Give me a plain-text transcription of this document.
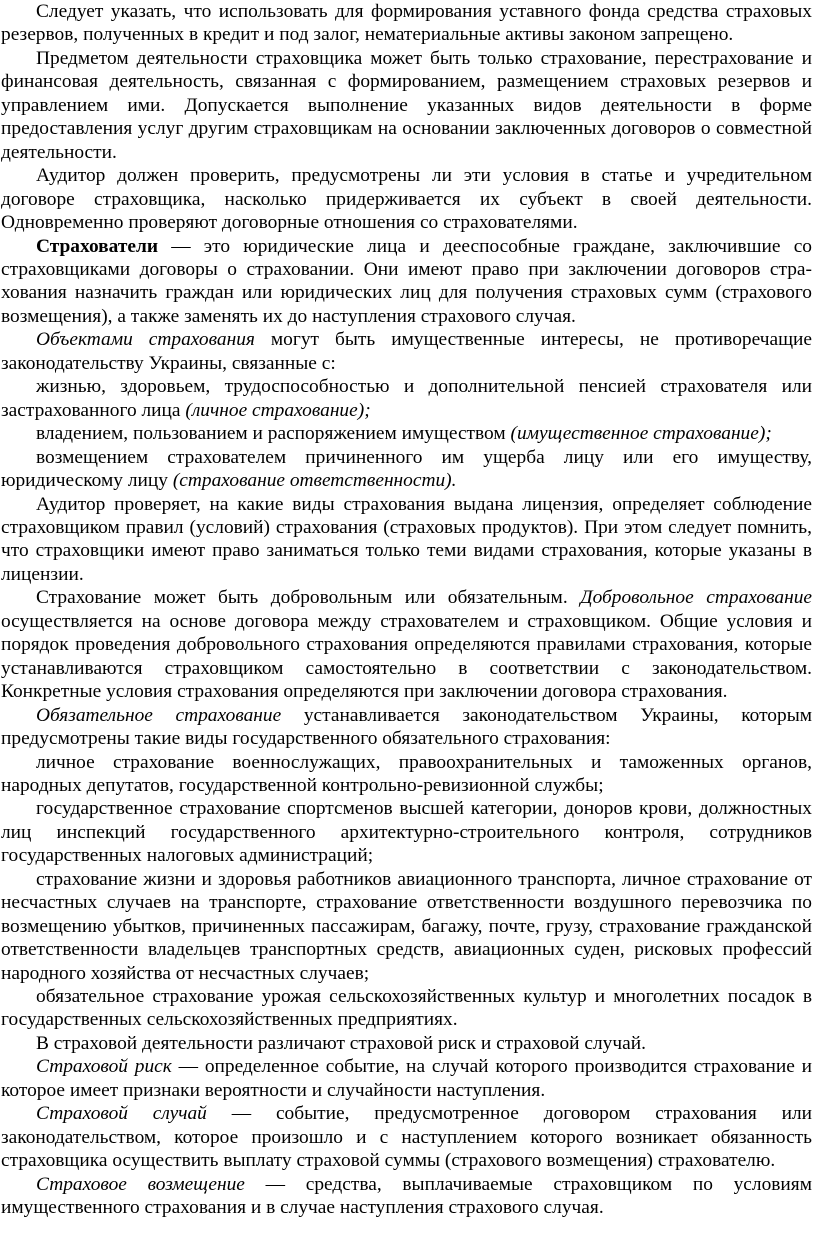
Следует указать, что использовать для формирования уставного фонда средства страховых резервов, полученных в кредит и под залог, нематериальные активы законом запрещено.

Предметом деятельности страховщика может быть только страхование, перестрахование и финансовая деятельность, связанная с формированием, размещением страховых резервов и управлением ими. Допускается выполнение указанных видов деятельности в форме предоставления услуг другим страховщикам на основании заключенных договоров о совместной деятельности.

Аудитор должен проверить, предусмотрены ли эти условия в статье и учредительном договоре страховщика, насколько придерживается их субъект в своей деятельности. Одновременно проверяют договорные отношения со страхователями.

Страхователи — это юридические лица и дееспособные граждане, заключившие со страховщиками договоры о страховании. Они имеют право при заключении договоров страхования назначить граждан или юридических лиц для получения страховых сумм (страхового возмещения), а также заменять их до наступления страхового случая.

Объектами страхования могут быть имущественные интересы, не противоречащие законодательству Украины, связанные с:

жизнью, здоровьем, трудоспособностью и дополнительной пенсией страхователя или застрахованного лица (личное страхование);

владением, пользованием и распоряжением имуществом (имущественное страхование);

возмещением страхователем причиненного им ущерба лицу или его имуществу, юридическому лицу (страхование ответственности).

Аудитор проверяет, на какие виды страхования выдана лицензия, определяет соблюдение страховщиком правил (условий) страхования (страховых продуктов). При этом следует помнить, что страховщики имеют право заниматься только теми видами страхования, которые указаны в лицензии.

Страхование может быть добровольным или обязательным. Добровольное страхование осуществляется на основе договора между страхователем и страховщиком. Общие условия и порядок проведения добровольного страхования определяются правилами страхования, которые устанавливаются страховщиком самостоятельно в соответствии с законодательством. Конкретные условия страхования определяются при заключении договора страхования.

Обязательное страхование устанавливается законодательством Украины, которым предусмотрены такие виды государственного обязательного страхования:

личное страхование военнослужащих, правоохранительных и таможенных органов, народных депутатов, государственной контрольно-ревизионной службы;

государственное страхование спортсменов высшей категории, доноров крови, должностных лиц инспекций государственного архитектурно-строительного контроля, сотрудников государственных налоговых администраций;

страхование жизни и здоровья работников авиационного транспорта, личное страхование от несчастных случаев на транспорте, страхование ответственности воздушного перевозчика по возмещению убытков, причиненных пассажирам, багажу, почте, грузу, страхование гражданской ответственности владельцев транспортных средств, авиационных суден, рисковых профессий народного хозяйства от несчастных случаев;

обязательное страхование урожая сельскохозяйственных культур и многолетних посадок в государственных сельскохозяйственных предприятиях.

В страховой деятельности различают страховой риск и страховой случай.

Страховой риск — определенное событие, на случай которого производится страхование и которое имеет признаки вероятности и случайности наступления.

Страховой случай — событие, предусмотренное договором страхования или законодательством, которое произошло и с наступлением которого возникает обязанность страховщика осуществить выплату страховой суммы (страхового возмещения) страхователю.

Страховое возмещение — средства, выплачиваемые страховщиком по условиям имущественного страхования и в случае наступления страхового случая.
